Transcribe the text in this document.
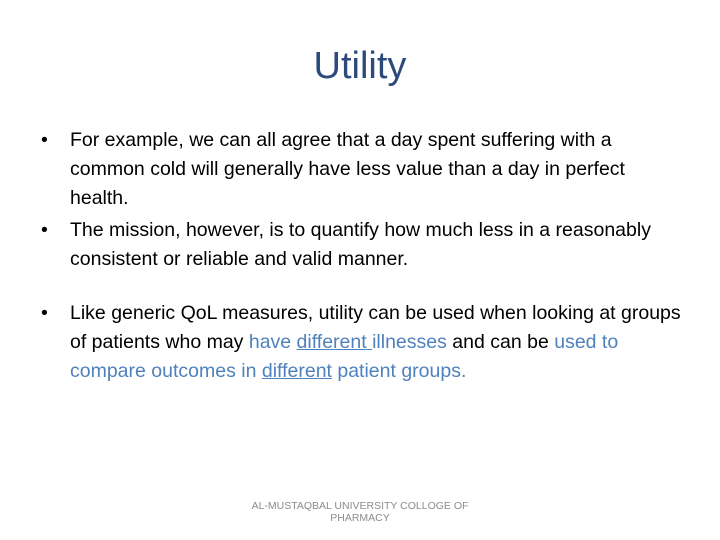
Utility
• For example, we can all agree that a day spent suffering with a common cold will generally have less value than a day in perfect health.
• The mission, however, is to quantify how much less in a reasonably consistent or reliable and valid manner.
• Like generic QoL measures, utility can be used when looking at groups of patients who may have different illnesses and can be used to compare outcomes in different patient groups.
AL-MUSTAQBAL UNIVERSITY COLLOGE OF PHARMACY
